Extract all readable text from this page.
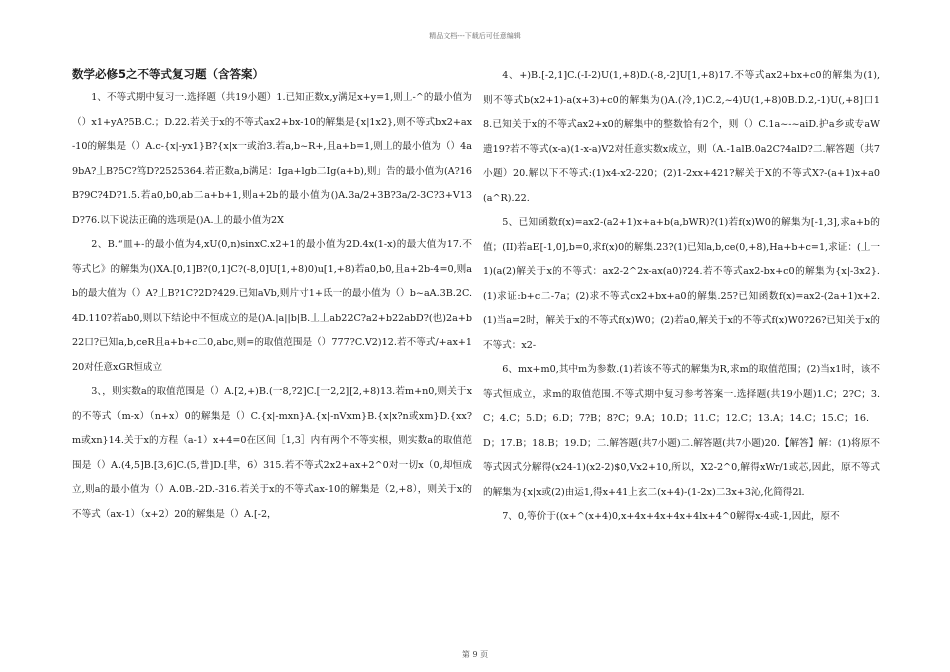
精品文档---下载后可任意编辑
数学必修5之不等式复习题（含答案）

1、不等式期中复习一.选择题（共19小题）1.已知正数x,y满足x+y=1,则丄-^的最小值为（）x1+yA?5B.C.；D.22.若关于x的不等式ax2+bx-10的解集是{x|1x2},则不等式bx2+ax-10的解集是（）A.c-{x|-yx1}B?{x|x一或治3.若a,b~R+,且a+b=1,则丄的最小值为（）4a9bA?丄B?5C?笃D?2525364.若正数a,b满足：Iga+lgb二Ig(a+b),则」告的最小值为(A?16B?9C?4D?1.5.若a0,b0,ab二a+b+1,则a+2b的最小值为()A.3a/2+3B?3a/2-3C?3+V13D?76.以下说法正确的选项是()A.丄的最小值为2X

2、B.“皿+-的最小值为4,xU(0,n)sinxC.x2+1的最小值为2D.4x(1-x)的最大值为17.不等式匕》的解集为()XA.[0,1]B?(0,1]C?(-8,0]U[1,+8)0)u[1,+8)若a0,b0,且a+2b-4=0,则ab的最大值为（）A?丄B?1C?2D?429.已知aVb,则片寸1+氐一的最小值为（）b~aA.3B.2C.4D.110?若ab0,则以下结论中不恒成立的是()A.|a||b|B.丄丄ab22C?a2+b22abD?(也)2a+b22口?已知a,b,ceR且a+b+c二0,abc,则=的取值范围是（）777?C.V2)12.若不等式/+ax+120对任意xGR恒成立

3、，则实数a的取值范围是（）A.[2,+)B.(一8,?2]C.[一2,2][2,+8)13.若m+n0,则关于x的不等式（m-x）（n+x）0的解集是（）C.{x|-mxn}A.{x|-nVxm}B.{x|x?n或xm}D.{xx?m或xn}14.关于x的方程（a-1）x+4=0在区间［1,3］内有两个不等实根，则实数a的取值范围是（）A.(4,5]B.[3,6]C.(5,普]D.[芈，6）315.若不等式2x2+ax+2^0对一切x（0,却恒成立,则a的最小值为（）A.0B.-2D.-316.若关于x的不等式ax-10的解集是（2,+8），则关于x的不等式（ax-1）（x+2）20的解集是（）A.[-2，

4、+)B.[-2,1]C.(-I-2)U(1,+8)D.(-8,-2]U[1,+8)17.不等式ax2+bx+c0的解集为(1),则不等式b(x2+1)-a(x+3)+c0的解集为()A.(冷,1)C.2,~4)U(1,+8)0B.D.2,-1)U(,+8]口18.已知关于x的不等式ax2+x0的解集中的整数恰有2个，则（）C.1a~-~aiD.护a乡或专aW遗19?若不等式(x-a)(1-x-a)V2对任意实数x成立，则（A.-1alB.0a2C?4alD?二.解答题（共7小题）20.解以下不等式:(1)x4-x2-220；(2)1-2xx+421?解关于X的不等式X?-(a+1)x+a0(a^R).22.

5、已知函数f(x)=ax2-(a2+1)x+a+b(a,bWR)?(1)若f(x)W0的解集为[-1,3],求a+b的值；(II)若aE[-1,0],b=0,求f(x)0的解集.23?(1)已知a,b,ce(0,+8),Ha+b+c=1,求证：(丄一1)(a(2)解关于x的不等式：ax2-2^2x-ax(a0)?24.若不等式ax2-bx+c0的解集为{x|-3x2}.(1)求证:b+c二-7a；(2)求不等式cx2+bx+a0的解集.25?已知函数f(x)=ax2-(2a+1)x+2.(1)当a=2时，解关于x的不等式f(x)W0；(2)若a0,解关于x的不等式f(x)W0?26?已知关于x的不等式：x2-

6、mx+m0,其中m为参数.(1)若该不等式的解集为R,求m的取值范围；(2)当x1时，该不等式恒成立，求m的取值范围.不等式期中复习参考答案一.选择题(共19小题)1.C；2?C；3.C；4.C；5.D；6.D；7?B；8?C；9.A；10.D；11.C；12.C；13.A；14.C；15.C；16.D；17.B；18.B；19.D；二.解答题(共7小题)二.解答题(共7小题)20.【解答】解：(1)将原不等式因式分解得(x24-1)(x2-2)$0,Vx2+10,所以，X2-2^0,解得xWr/1或芯,因此，原不等式的解集为{x|x或(2)由运1,得x+41上玄二(x+4)-(1-2x)二3x+3沁,化简得2l.

7、0,等价于((x+^(x+4)0,x+4x+4x+4x+4lx+4^0解得x-4或-1,因此，原不

第 9 页
